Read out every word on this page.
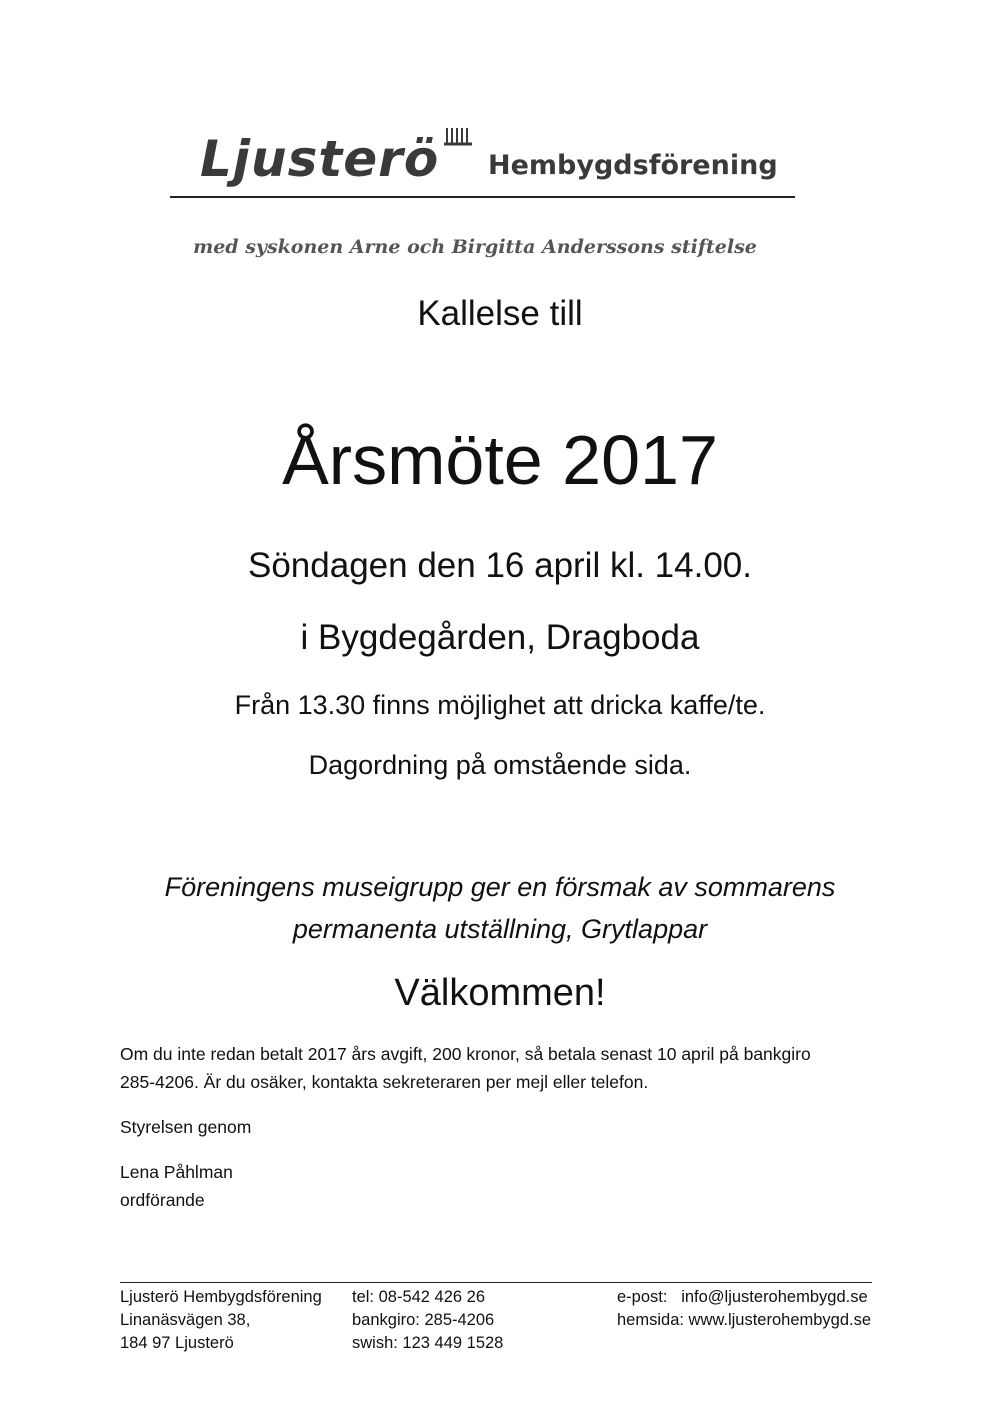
Ljusterö Hembygdsförening
med syskonen Arne och Birgitta Anderssons stiftelse
Kallelse till
Årsmöte 2017
Söndagen den 16 april kl. 14.00.
i Bygdegården, Dragboda
Från 13.30 finns möjlighet att dricka kaffe/te.
Dagordning på omstående sida.
Föreningens museigrupp ger en försmak av sommarens
permanenta utställning, Grytlappar
Välkommen!
Om du inte redan betalt 2017 års avgift, 200 kronor, så betala senast 10 april på bankgiro
285-4206. Är du osäker, kontakta sekreteraren per mejl eller telefon.
Styrelsen genom
Lena Påhlman
ordförande
Ljusterö Hembygdsförening
Linanäsvägen 38,
184 97 Ljusterö
tel: 08-542 426 26
bankgiro: 285-4206
swish: 123 449 1528
e-post:   info@ljusterohembygd.se
hemsida: www.ljusterohembygd.se
